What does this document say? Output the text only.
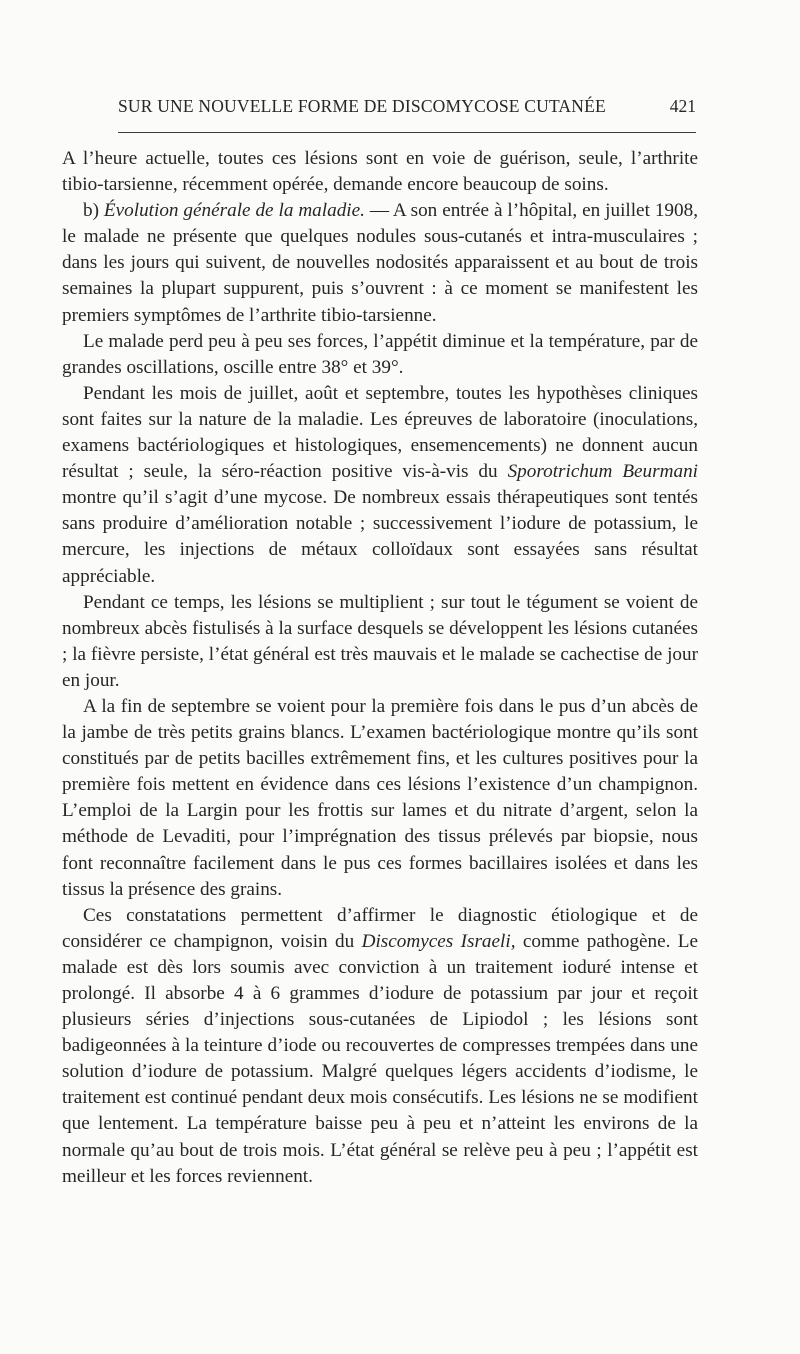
SUR UNE NOUVELLE FORME DE DISCOMYCOSE CUTANÉE	421

A l’heure actuelle, toutes ces lésions sont en voie de guérison, seule, l’arthrite tibio-tarsienne, récemment opérée, demande encore beaucoup de soins.

b) Évolution générale de la maladie. — A son entrée à l’hôpital, en juillet 1908, le malade ne présente que quelques nodules sous-cutanés et intra-musculaires ; dans les jours qui suivent, de nouvelles nodosités apparaissent et au bout de trois semaines la plupart suppurent, puis s’ouvrent : à ce moment se manifestent les premiers symptômes de l’arthrite tibio-tarsienne.

Le malade perd peu à peu ses forces, l’appétit diminue et la température, par de grandes oscillations, oscille entre 38° et 39°.

Pendant les mois de juillet, août et septembre, toutes les hypothèses cliniques sont faites sur la nature de la maladie. Les épreuves de laboratoire (inoculations, examens bactériologiques et histologiques, ensemencements) ne donnent aucun résultat ; seule, la séro-réaction positive vis-à-vis du Sporotrichum Beurmani montre qu’il s’agit d’une mycose. De nombreux essais thérapeutiques sont tentés sans produire d’amélioration notable ; successivement l’iodure de potassium, le mercure, les injections de métaux colloïdaux sont essayées sans résultat appréciable.

Pendant ce temps, les lésions se multiplient ; sur tout le tégument se voient de nombreux abcès fistulisés à la surface desquels se développent les lésions cutanées ; la fièvre persiste, l’état général est très mauvais et le malade se cachectise de jour en jour.

A la fin de septembre se voient pour la première fois dans le pus d’un abcès de la jambe de très petits grains blancs. L’examen bactériologique montre qu’ils sont constitués par de petits bacilles extrêmement fins, et les cultures positives pour la première fois mettent en évidence dans ces lésions l’existence d’un champignon. L’emploi de la Largin pour les frottis sur lames et du nitrate d’argent, selon la méthode de Levaditi, pour l’imprégnation des tissus prélevés par biopsie, nous font reconnaître facilement dans le pus ces formes bacillaires isolées et dans les tissus la présence des grains.

Ces constatations permettent d’affirmer le diagnostic étiologique et de considérer ce champignon, voisin du Discomyces Israeli, comme pathogène. Le malade est dès lors soumis avec conviction à un traitement ioduré intense et prolongé. Il absorbe 4 à 6 grammes d’iodure de potassium par jour et reçoit plusieurs séries d’injections sous-cutanées de Lipiodol ; les lésions sont badigeonnées à la teinture d’iode ou recouvertes de compresses trempées dans une solution d’iodure de potassium. Malgré quelques légers accidents d’iodisme, le traitement est continué pendant deux mois consécutifs. Les lésions ne se modifient que lentement. La température baisse peu à peu et n’atteint les environs de la normale qu’au bout de trois mois. L’état général se relève peu à peu ; l’appétit est meilleur et les forces reviennent.
